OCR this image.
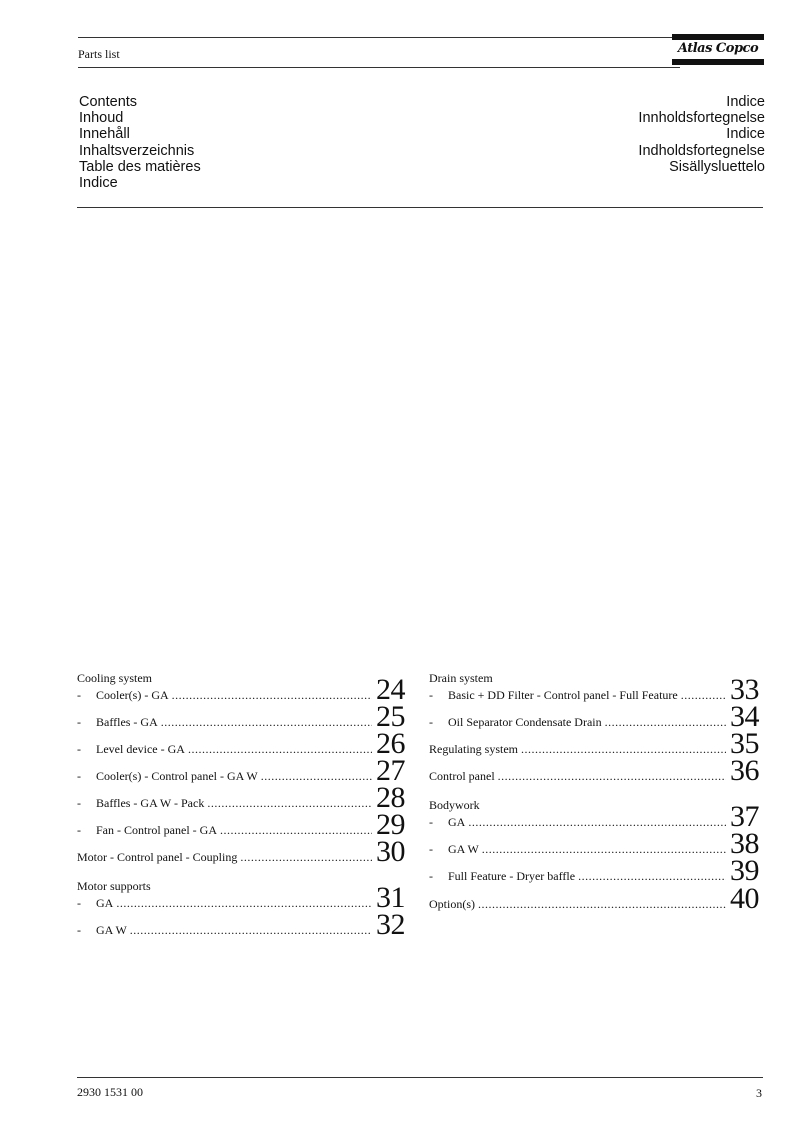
Parts list	Atlas Copco
Contents
Inhoud
Innehåll
Inhaltsverzeichnis
Table des matières
Indice
Indice
Innholdsfortegnelse
Indice
Indholdsfortegnelse
Sisällysluettelo
Cooling system
-	Cooler(s) - GA .....	24
-	Baffles - GA .....	25
-	Level device - GA .....	26
-	Cooler(s) - Control panel - GA W .....	27
-	Baffles - GA W - Pack .....	28
-	Fan - Control panel - GA .....	29
Motor - Control panel - Coupling .....	30
Motor supports
-	GA .....	31
-	GA W .....	32
Drain system
-	Basic + DD Filter - Control panel - Full Feature ..... 33
-	Oil Separator Condensate Drain .....	34
Regulating system .....	35
Control panel .....	36
Bodywork
-	GA .....	37
-	GA W .....	38
-	Full Feature - Dryer baffle .....	39
Option(s) .....	40
2930 1531 00	3
